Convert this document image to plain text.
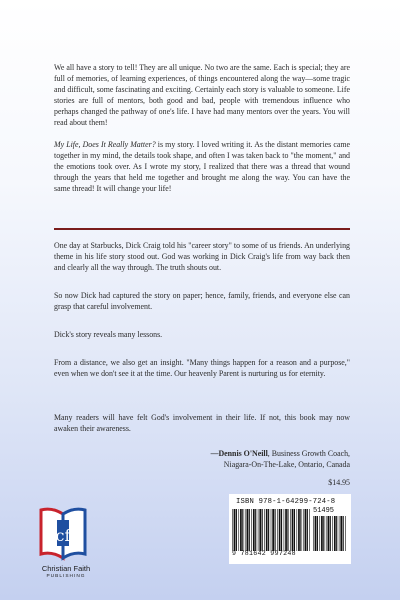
We all have a story to tell! They are all unique. No two are the same. Each is special; they are full of memories, of learning experiences, of things encountered along the way—some tragic and difficult, some fascinating and exciting. Certainly each story is valuable to someone. Life stories are full of mentors, both good and bad, people with tremendous influence who perhaps changed the pathway of one's life. I have had many mentors over the years. You will read about them!

My Life, Does It Really Matter? is my story. I loved writing it. As the distant memories came together in my mind, the details took shape, and often I was taken back to "the moment," and the emotions took over. As I wrote my story, I realized that there was a thread that wound through the years that held me together and brought me along the way. You can have the same thread! It will change your life!

One day at Starbucks, Dick Craig told his "career story" to some of us friends. An underlying theme in his life story stood out. God was working in Dick Craig's life from way back then and clearly all the way through. The truth shouts out.

So now Dick had captured the story on paper; hence, family, friends, and everyone else can grasp that careful involvement.

Dick's story reveals many lessons.

From a distance, we also get an insight. "Many things happen for a reason and a purpose," even when we don't see it at the time. Our heavenly Parent is nurturing us for eternity.

Many readers will have felt God's involvement in their life. If not, this book may now awaken their awareness.

—Dennis O'Neill, Business Growth Coach,
Niagara-On-The-Lake, Ontario, Canada
$14.95
ISBN 978-1-64299-724-8
51495
9 781642 997248
cf
Christian Faith
PUBLISHING
